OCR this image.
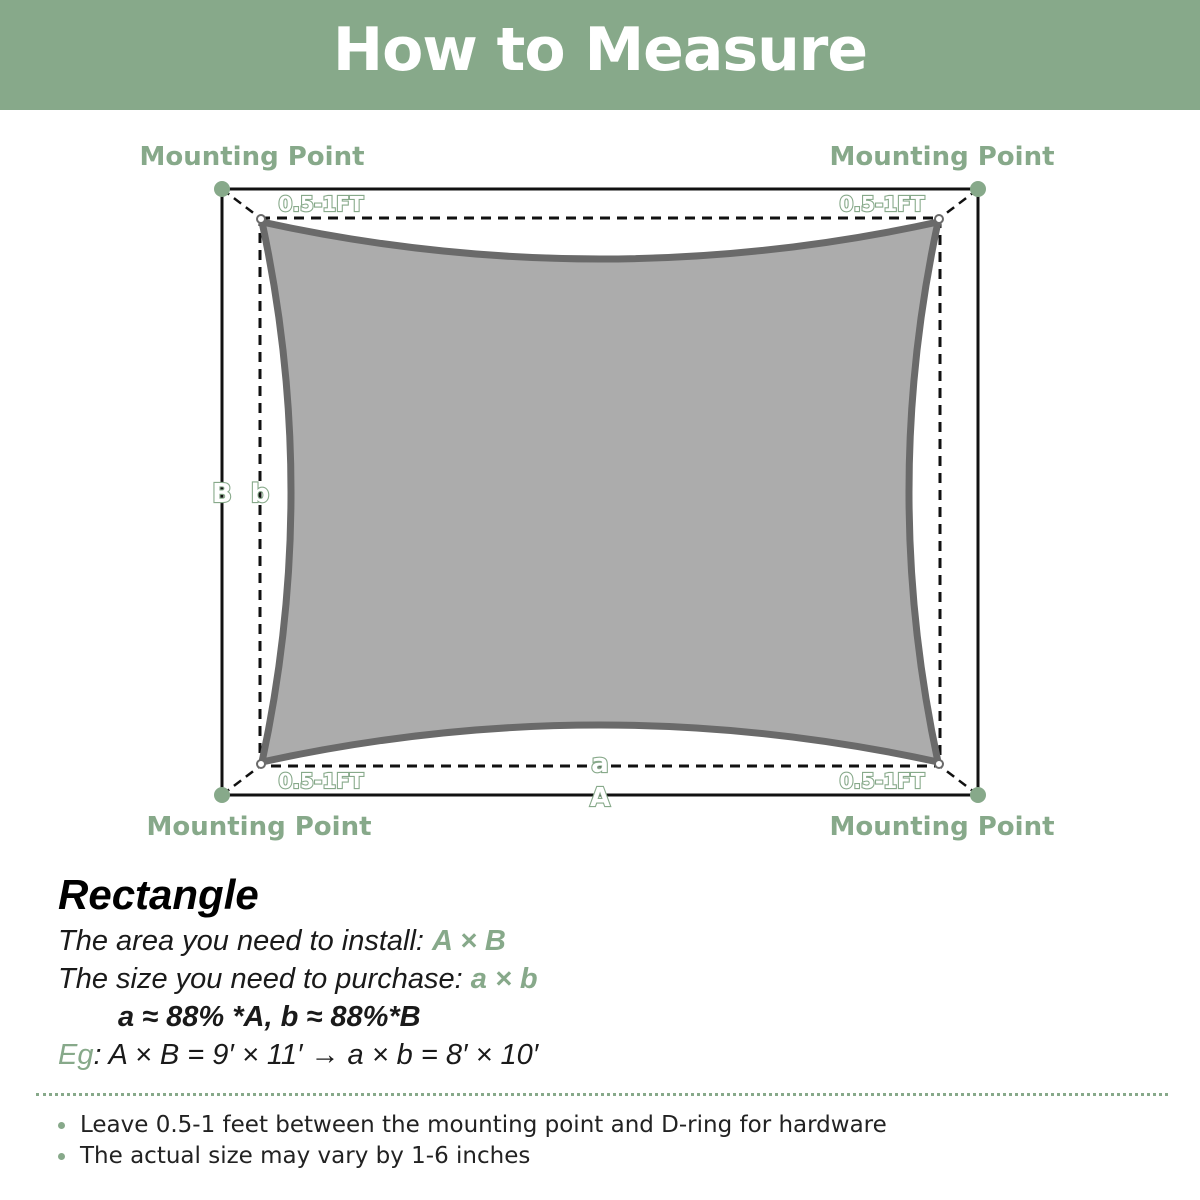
How to Measure
Mounting Point	Mounting Point
Mounting Point	Mounting Point
0.5-1FT	0.5-1FT
0.5-1FT	0.5-1FT
a
A
B b
Rectangle
The area you need to install: A × B
The size you need to purchase: a × b
a ≈ 88% *A, b ≈ 88%*B
Eg: A × B = 9′ × 11′ → a × b = 8′ × 10′
Leave 0.5-1 feet between the mounting point and D-ring for hardware
The actual size may vary by 1-6 inches
